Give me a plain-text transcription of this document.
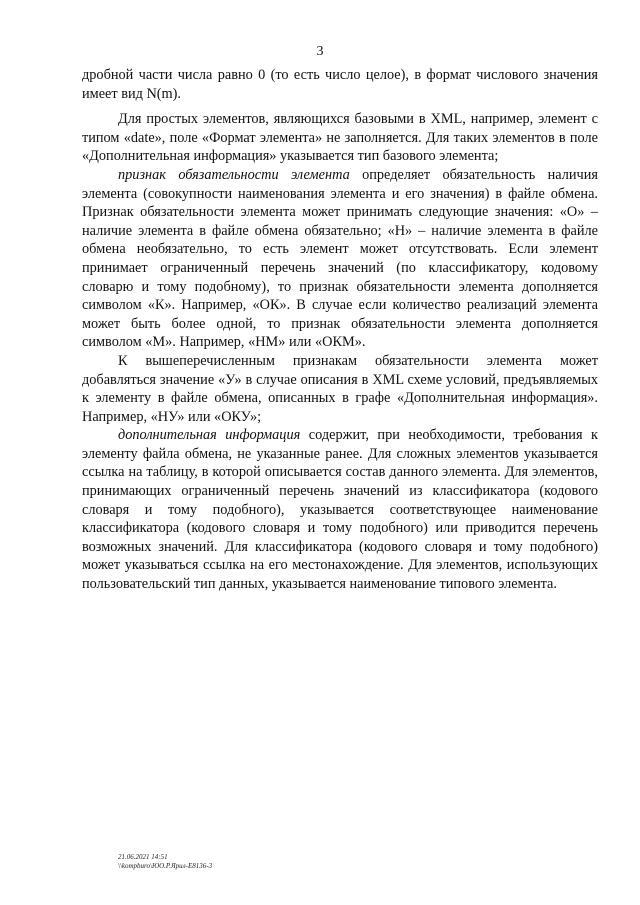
3

дробной части числа равно 0 (то есть число целое), в формат числового значения имеет вид N(m).

Для простых элементов, являющихся базовыми в XML, например, элемент с типом «date», поле «Формат элемента» не заполняется. Для таких элементов в поле «Дополнительная информация» указывается тип базового элемента;

признак обязательности элемента определяет обязательность наличия элемента (совокупности наименования элемента и его значения) в файле обмена. Признак обязательности элемента может принимать следующие значения: «О» – наличие элемента в файле обмена обязательно; «Н» – наличие элемента в файле обмена необязательно, то есть элемент может отсутствовать. Если элемент принимает ограниченный перечень значений (по классификатору, кодовому словарю и тому подобному), то признак обязательности элемента дополняется символом «К». Например, «ОК». В случае если количество реализаций элемента может быть более одной, то признак обязательности элемента дополняется символом «М». Например, «НМ» или «ОКМ».

К вышеперечисленным признакам обязательности элемента может добавляться значение «У» в случае описания в XML схеме условий, предъявляемых к элементу в файле обмена, описанных в графе «Дополнительная информация». Например, «НУ» или «ОКУ»;

дополнительная информация содержит, при необходимости, требования к элементу файла обмена, не указанные ранее. Для сложных элементов указывается ссылка на таблицу, в которой описывается состав данного элемента. Для элементов, принимающих ограниченный перечень значений из классификатора (кодового словаря и тому подобного), указывается соответствующее наименование классификатора (кодового словаря и тому подобного) или приводится перечень возможных значений. Для классификатора (кодового словаря и тому подобного) может указываться ссылка на его местонахождение. Для элементов, использующих пользовательский тип данных, указывается наименование типового элемента.

21.06.2021 14:51
\\kompburo\ЮО.P.Ярил-E8136-3
